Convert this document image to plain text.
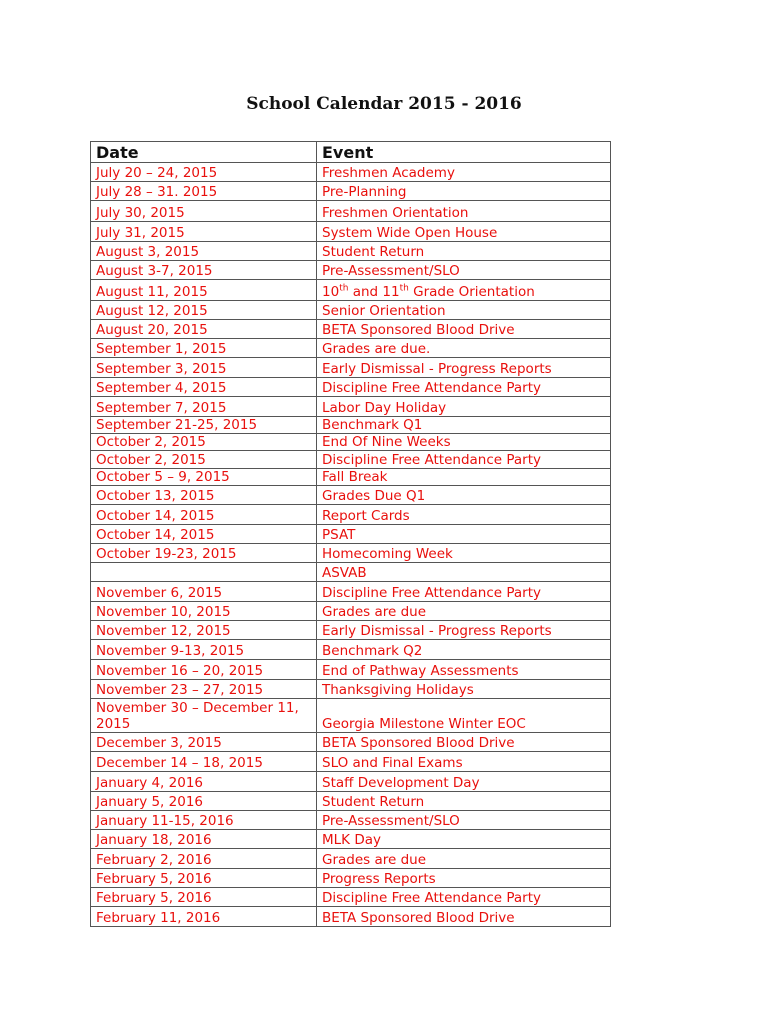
School Calendar 2015 - 2016
Date	Event
July 20 – 24, 2015	Freshmen Academy
July 28 – 31. 2015	Pre-Planning
July 30, 2015	Freshmen Orientation
July 31, 2015	System Wide Open House
August 3, 2015	Student Return
August 3-7, 2015	Pre-Assessment/SLO
August 11, 2015	10th and 11th Grade Orientation
August 12, 2015	Senior Orientation
August 20, 2015	BETA Sponsored Blood Drive
September 1, 2015	Grades are due.
September 3, 2015	Early Dismissal - Progress Reports
September 4, 2015	Discipline Free Attendance Party
September 7, 2015	Labor Day Holiday
September 21-25, 2015	Benchmark Q1
October 2, 2015	End Of Nine Weeks
October 2, 2015	Discipline Free Attendance Party
October 5 – 9, 2015	Fall Break
October 13, 2015	Grades Due Q1
October 14, 2015	Report Cards
October 14, 2015	PSAT
October 19-23, 2015	Homecoming Week
	ASVAB
November 6, 2015	Discipline Free Attendance Party
November 10, 2015	Grades are due
November 12, 2015	Early Dismissal - Progress Reports
November 9-13, 2015	Benchmark Q2
November 16 – 20, 2015	End of Pathway Assessments
November 23 – 27, 2015	Thanksgiving Holidays
November 30 – December 11, 2015	Georgia Milestone Winter EOC
December 3, 2015	BETA Sponsored Blood Drive
December 14 – 18, 2015	SLO and Final Exams
January 4, 2016	Staff Development Day
January 5, 2016	Student Return
January 11-15, 2016	Pre-Assessment/SLO
January 18, 2016	MLK Day
February 2, 2016	Grades are due
February 5, 2016	Progress Reports
February 5, 2016	Discipline Free Attendance Party
February 11, 2016	BETA Sponsored Blood Drive
